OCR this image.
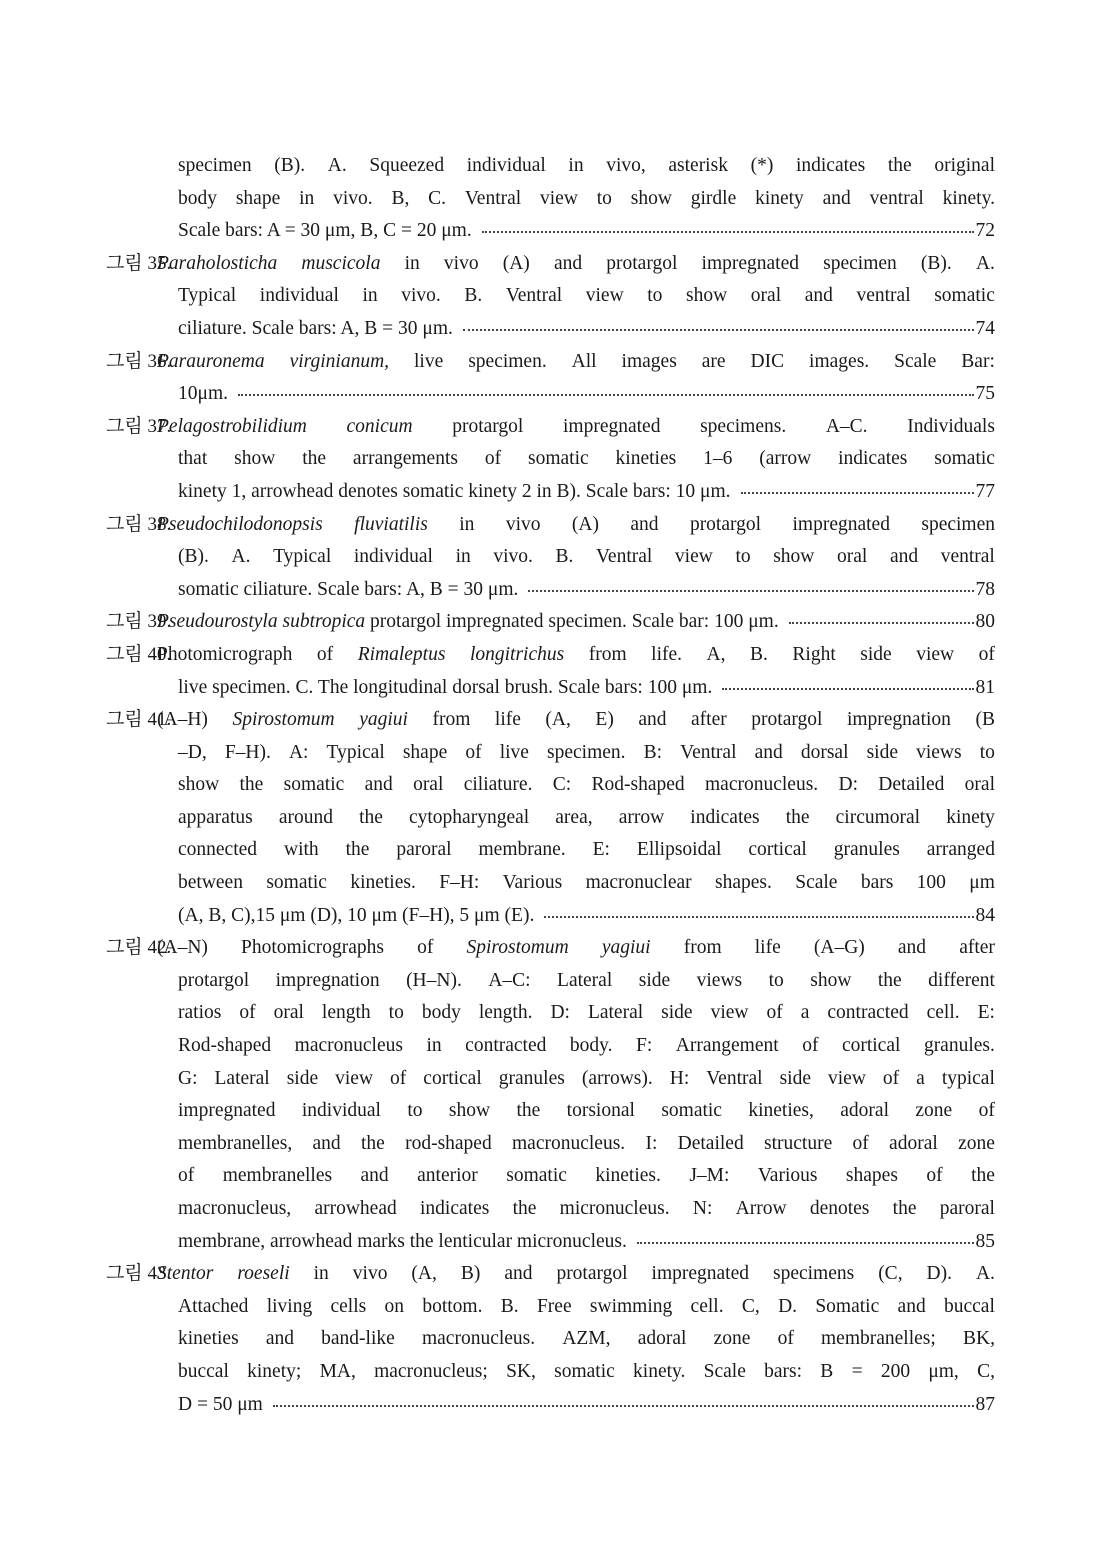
specimen (B). A. Squeezed individual in vivo, asterisk (*) indicates the original
body shape in vivo. B, C. Ventral view to show girdle kinety and ventral kinety.
Scale bars: A = 30 μm, B, C = 20 μm.	72
그림 35.
Paraholosticha muscicola in vivo (A) and protargol impregnated specimen (B). A.
Typical individual in vivo. B. Ventral view to show oral and ventral somatic
ciliature. Scale bars: A, B = 30 μm.	74
그림 36.
Parauronema virginianum, live specimen. All images are DIC images. Scale Bar:
10μm.	75
그림 37.
Pelagostrobilidium conicum protargol impregnated specimens. A–C. Individuals
that show the arrangements of somatic kineties 1–6 (arrow indicates somatic
kinety 1, arrowhead denotes somatic kinety 2 in B). Scale bars: 10 μm.	77
그림 38.
Pseudochilodonopsis fluviatilis in vivo (A) and protargol impregnated specimen
(B). A. Typical individual in vivo. B. Ventral view to show oral and ventral
somatic ciliature. Scale bars: A, B = 30 μm.	78
그림 39.
Pseudourostyla subtropica protargol impregnated specimen. Scale bar: 100 μm.	80
그림 40.
Photomicrograph of Rimaleptus longitrichus from life. A, B. Right side view of
live specimen. C. The longitudinal dorsal brush. Scale bars: 100 μm.	81
그림 41.
(A–H) Spirostomum yagiui from life (A, E) and after protargol impregnation (B
–D, F–H). A: Typical shape of live specimen. B: Ventral and dorsal side views to
show the somatic and oral ciliature. C: Rod-shaped macronucleus. D: Detailed oral
apparatus around the cytopharyngeal area, arrow indicates the circumoral kinety
connected with the paroral membrane. E: Ellipsoidal cortical granules arranged
between somatic kineties. F–H: Various macronuclear shapes. Scale bars 100 μm
(A, B, C),15 μm (D), 10 μm (F–H), 5 μm (E).	84
그림 42.
(A–N) Photomicrographs of Spirostomum yagiui from life (A–G) and after
protargol impregnation (H–N). A–C: Lateral side views to show the different
ratios of oral length to body length. D: Lateral side view of a contracted cell. E:
Rod-shaped macronucleus in contracted body. F: Arrangement of cortical granules.
G: Lateral side view of cortical granules (arrows). H: Ventral side view of a typical
impregnated individual to show the torsional somatic kineties, adoral zone of
membranelles, and the rod-shaped macronucleus. I: Detailed structure of adoral zone
of membranelles and anterior somatic kineties. J–M: Various shapes of the
macronucleus, arrowhead indicates the micronucleus. N: Arrow denotes the paroral
membrane, arrowhead marks the lenticular micronucleus.	85
그림 43.
Stentor roeseli in vivo (A, B) and protargol impregnated specimens (C, D). A.
Attached living cells on bottom. B. Free swimming cell. C, D. Somatic and buccal
kineties and band-like macronucleus. AZM, adoral zone of membranelles; BK,
buccal kinety; MA, macronucleus; SK, somatic kinety. Scale bars: B = 200 μm, C,
D = 50 μm	87
